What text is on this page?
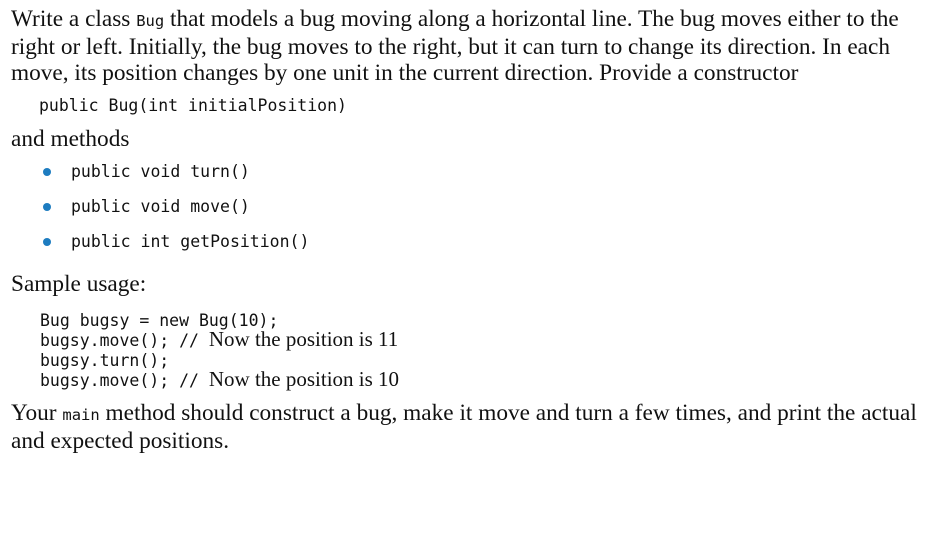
Write a class Bug that models a bug moving along a horizontal line. The bug moves either to the right or left. Initially, the bug moves to the right, but it can turn to change its direction. In each move, its position changes by one unit in the current direction. Provide a constructor

public Bug(int initialPosition)

and methods

public void turn()
public void move()
public int getPosition()

Sample usage:

Bug bugsy = new Bug(10);
bugsy.move(); // Now the position is 11
bugsy.turn();
bugsy.move(); // Now the position is 10

Your main method should construct a bug, make it move and turn a few times, and print the actual and expected positions.
